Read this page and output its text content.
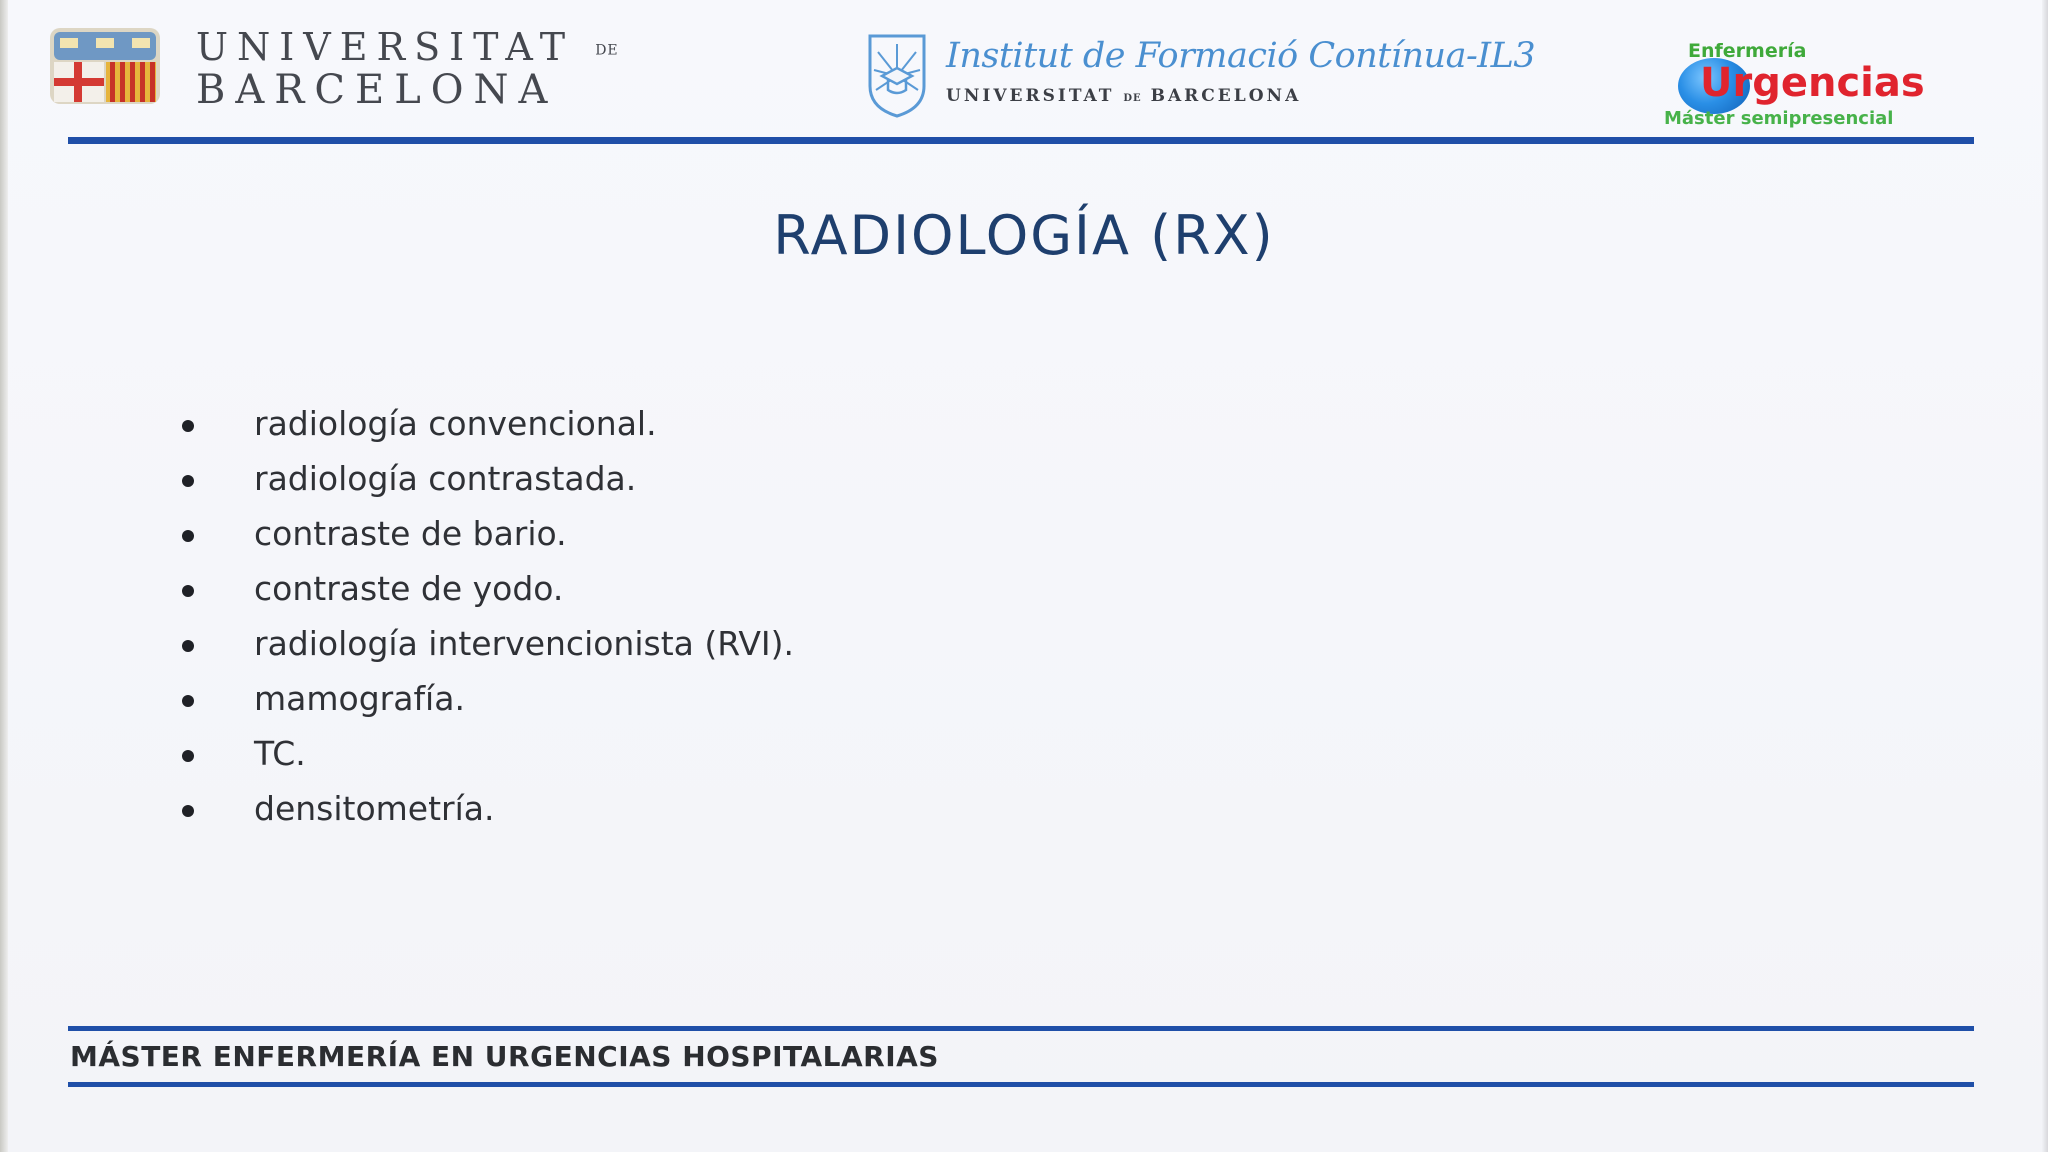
UNIVERSITAT DE
BARCELONA
Institut de Formació Contínua-IL3
UNIVERSITAT DE BARCELONA
Enfermería
Urgencias
Máster semipresencial
RADIOLOGÍA (RX)
radiología convencional.
radiología contrastada.
contraste de bario.
contraste de yodo.
radiología intervencionista (RVI).
mamografía.
TC.
densitometría.
MÁSTER ENFERMERÍA EN URGENCIAS HOSPITALARIAS
